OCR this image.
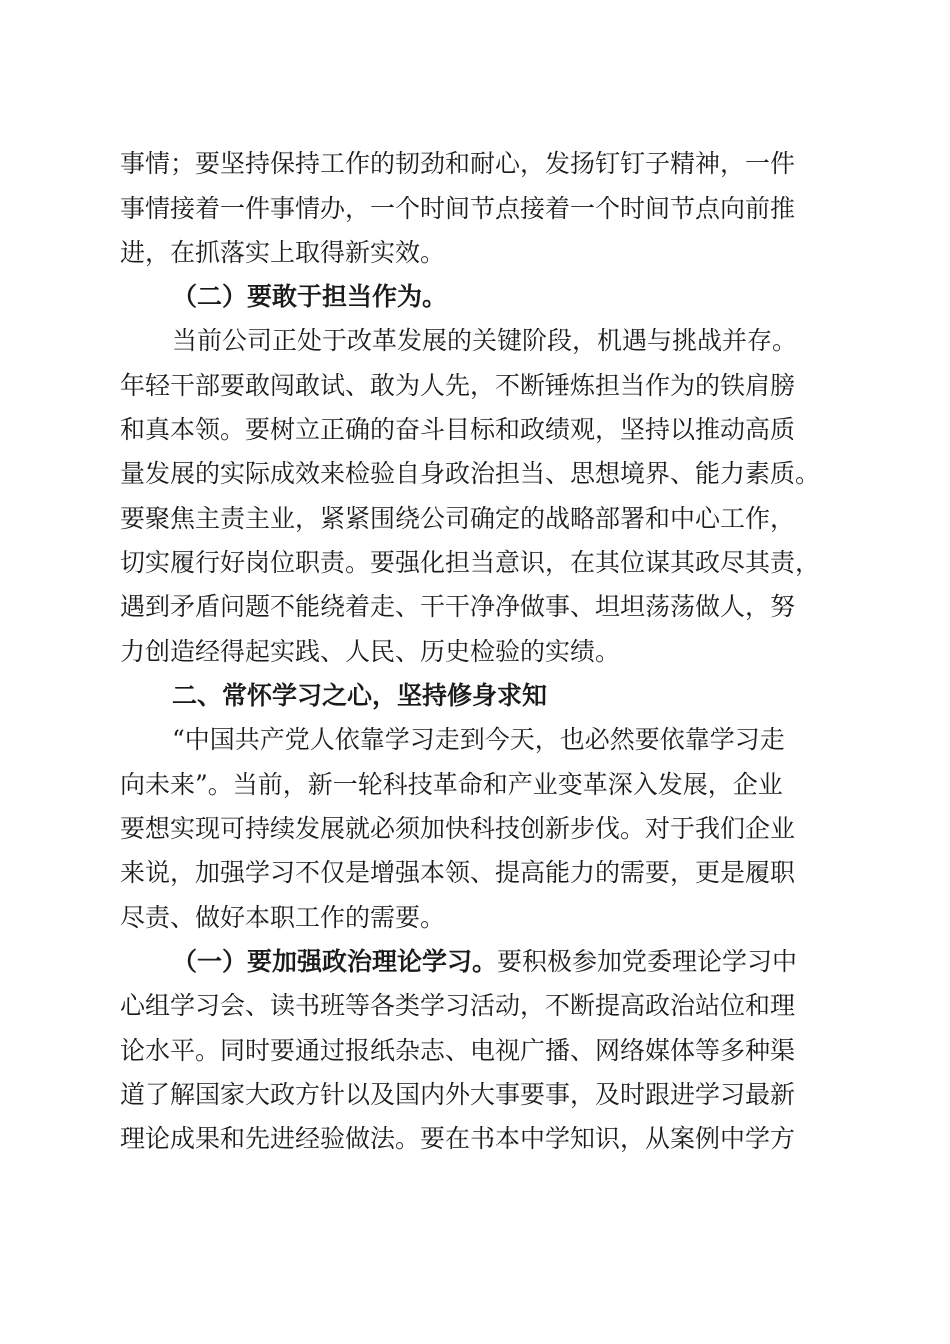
事情；要坚持保持工作的韧劲和耐心，发扬钉钉子精神，一件
事情接着一件事情办，一个时间节点接着一个时间节点向前推
进，在抓落实上取得新实效。
（二）要敢于担当作为。
当前公司正处于改革发展的关键阶段，机遇与挑战并存。
年轻干部要敢闯敢试、敢为人先，不断锤炼担当作为的铁肩膀
和真本领。要树立正确的奋斗目标和政绩观，坚持以推动高质
量发展的实际成效来检验自身政治担当、思想境界、能力素质。
要聚焦主责主业，紧紧围绕公司确定的战略部署和中心工作，
切实履行好岗位职责。要强化担当意识，在其位谋其政尽其责，
遇到矛盾问题不能绕着走、干干净净做事、坦坦荡荡做人，努
力创造经得起实践、人民、历史检验的实绩。
二、常怀学习之心，坚持修身求知
“中国共产党人依靠学习走到今天，也必然要依靠学习走
向未来”。当前，新一轮科技革命和产业变革深入发展，企业
要想实现可持续发展就必须加快科技创新步伐。对于我们企业
来说，加强学习不仅是增强本领、提高能力的需要，更是履职
尽责、做好本职工作的需要。
（一）要加强政治理论学习。要积极参加党委理论学习中
心组学习会、读书班等各类学习活动，不断提高政治站位和理
论水平。同时要通过报纸杂志、电视广播、网络媒体等多种渠
道了解国家大政方针以及国内外大事要事，及时跟进学习最新
理论成果和先进经验做法。要在书本中学知识，从案例中学方
